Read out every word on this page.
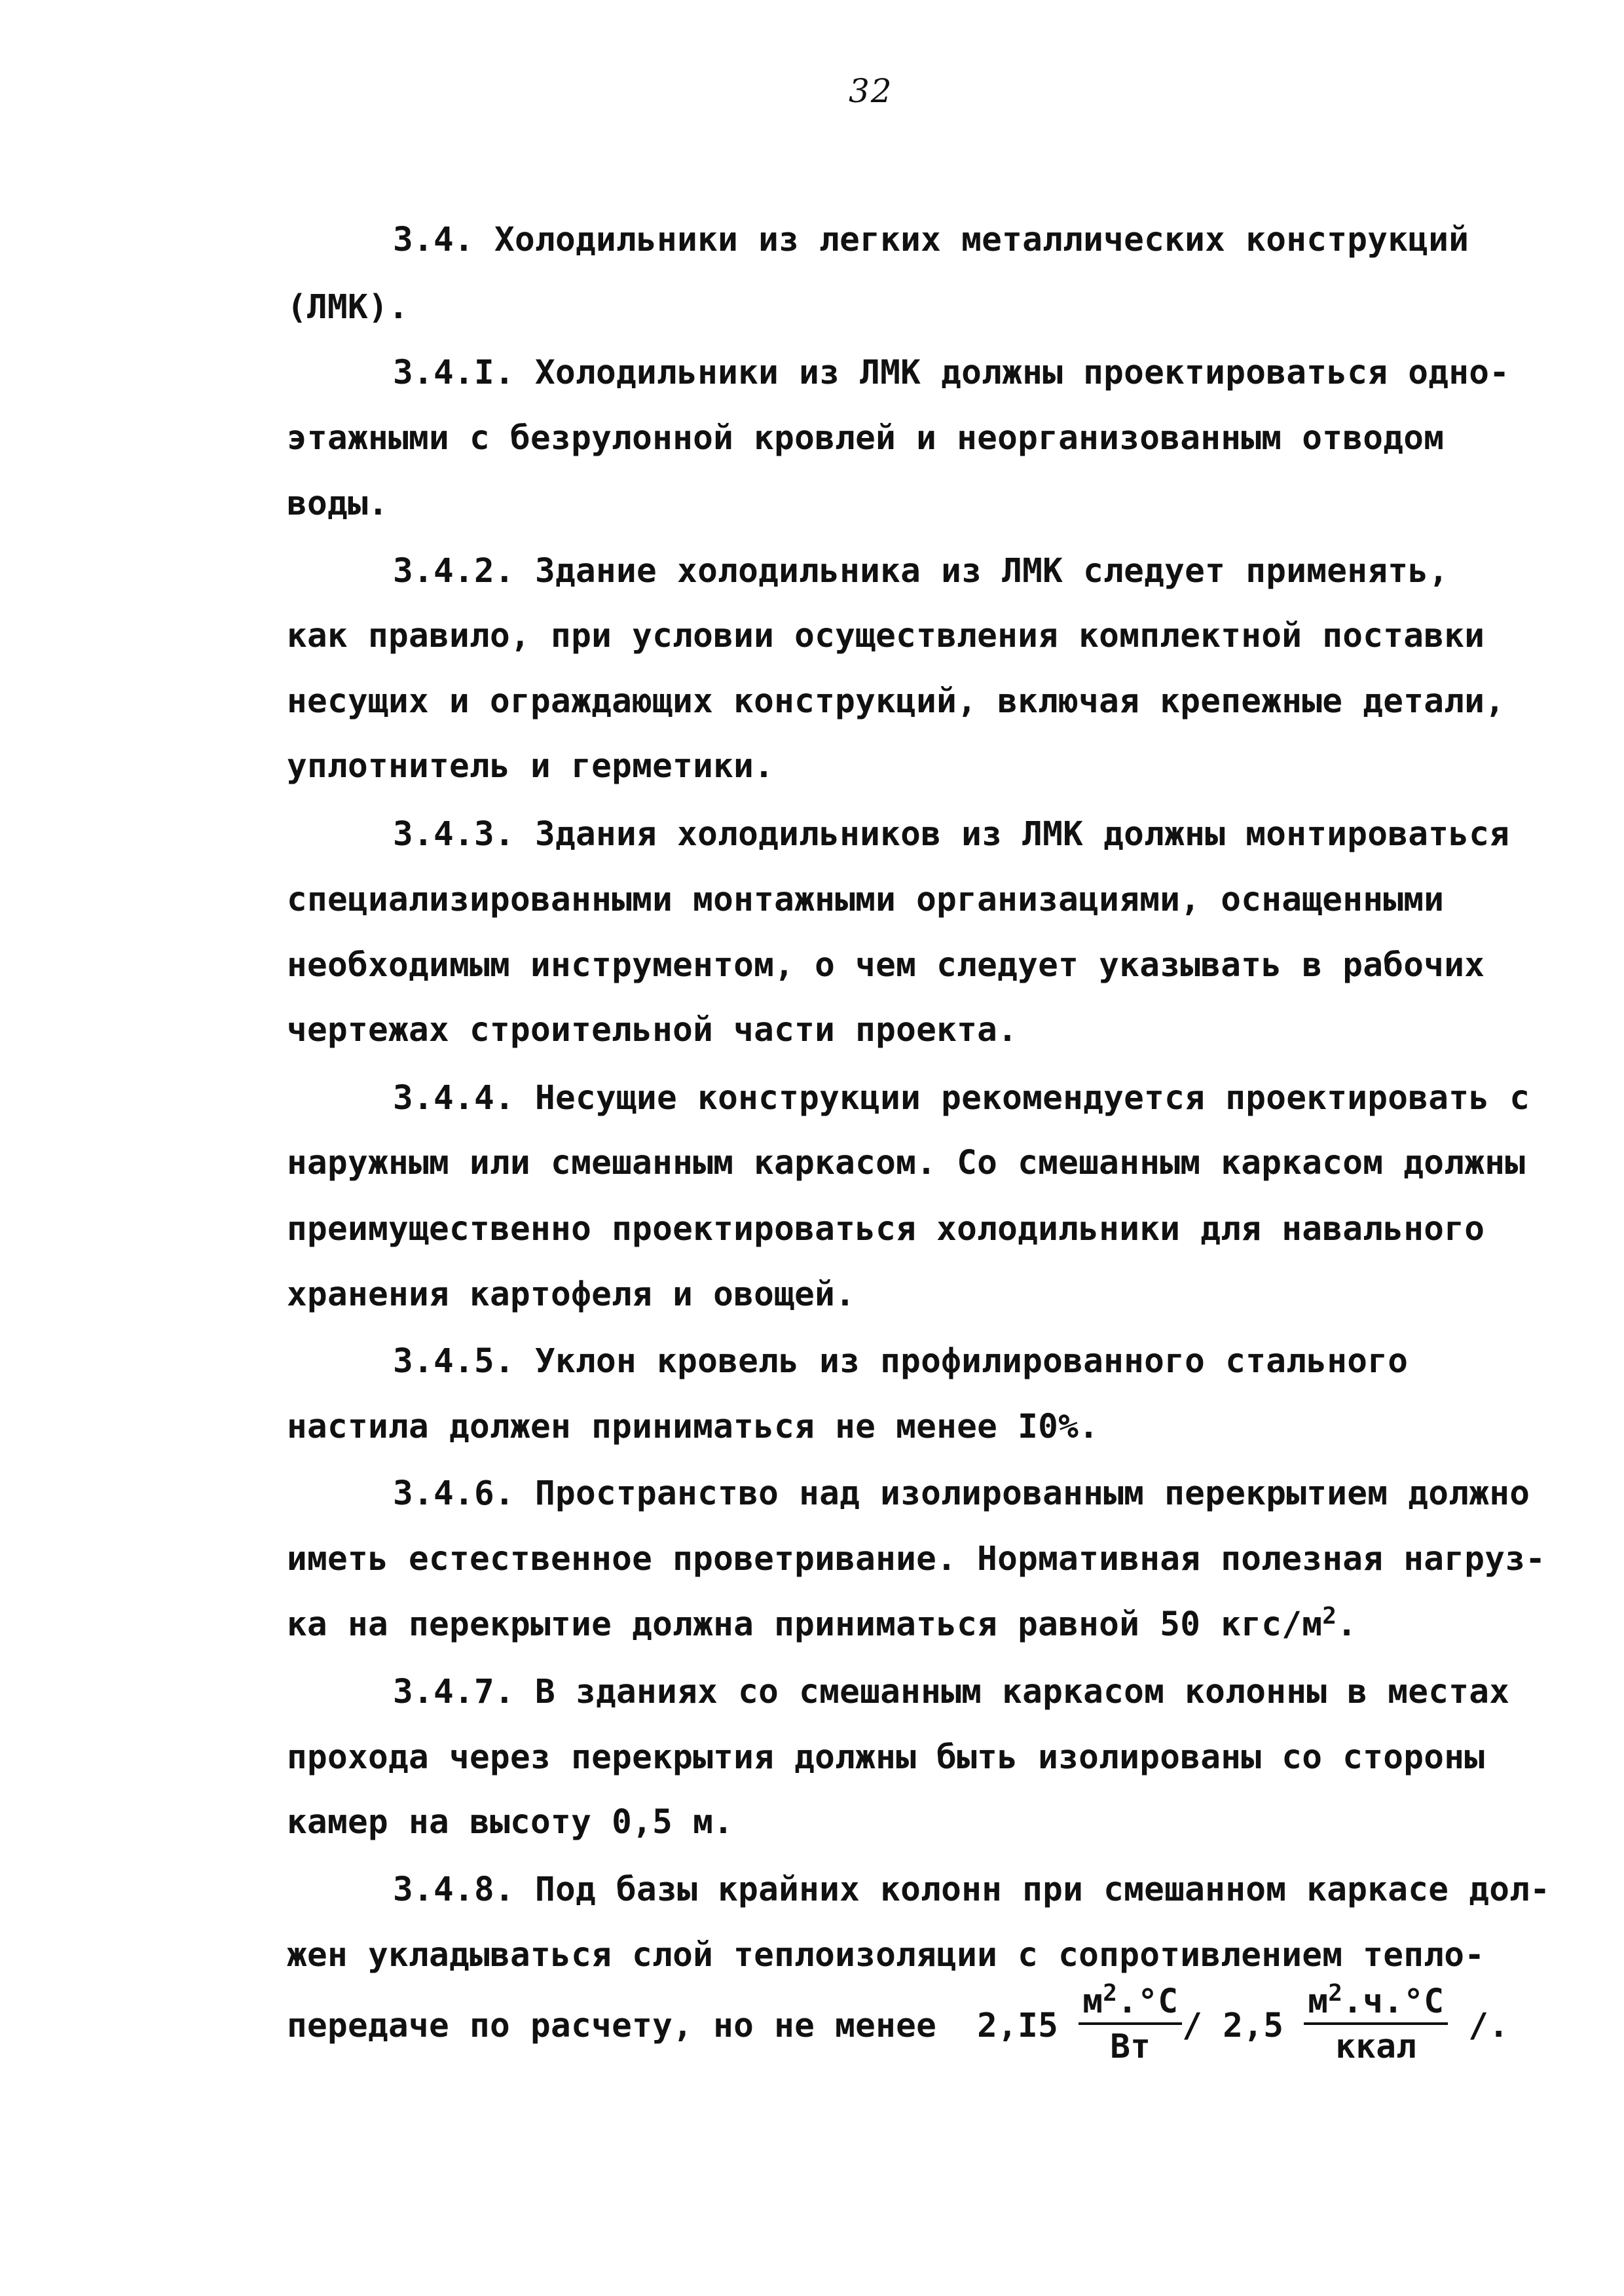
32
3.4. Холодильники из легких металлических конструкций
(ЛМК).
3.4.I. Холодильники из ЛМК должны проектироваться одно-
этажными с безрулонной кровлей и неорганизованным отводом
воды.
3.4.2. Здание холодильника из ЛМК следует применять,
как правило, при условии осуществления комплектной поставки
несущих и ограждающих конструкций, включая крепежные детали,
уплотнитель и герметики.
3.4.3. Здания холодильников из ЛМК должны монтироваться
специализированными монтажными организациями, оснащенными
необходимым инструментом, о чем следует указывать в рабочих
чертежах строительной части проекта.
3.4.4. Несущие конструкции рекомендуется проектировать с
наружным или смешанным каркасом. Со смешанным каркасом должны
преимущественно проектироваться холодильники для навального
хранения картофеля и овощей.
3.4.5. Уклон кровель из профилированного стального
настила должен приниматься не менее I0%.
3.4.6. Пространство над изолированным перекрытием должно
иметь естественное проветривание. Нормативная полезная нагруз-
ка на перекрытие должна приниматься равной 50 кгс/$м^2$.
3.4.7. В зданиях со смешанным каркасом колонны в местах
прохода через перекрытия должны быть изолированы со стороны
камер на высоту 0,5 м.
3.4.8. Под базы крайних колонн при смешанном каркасе дол-
жен укладываться слой теплоизоляции с сопротивлением тепло-
передаче по расчету, но не менее  $2,I5 \frac{м^2.^\circ С}{Вт} / 2,5 \frac{м^2.ч.^\circ С}{\text{ккал}}$ /.
